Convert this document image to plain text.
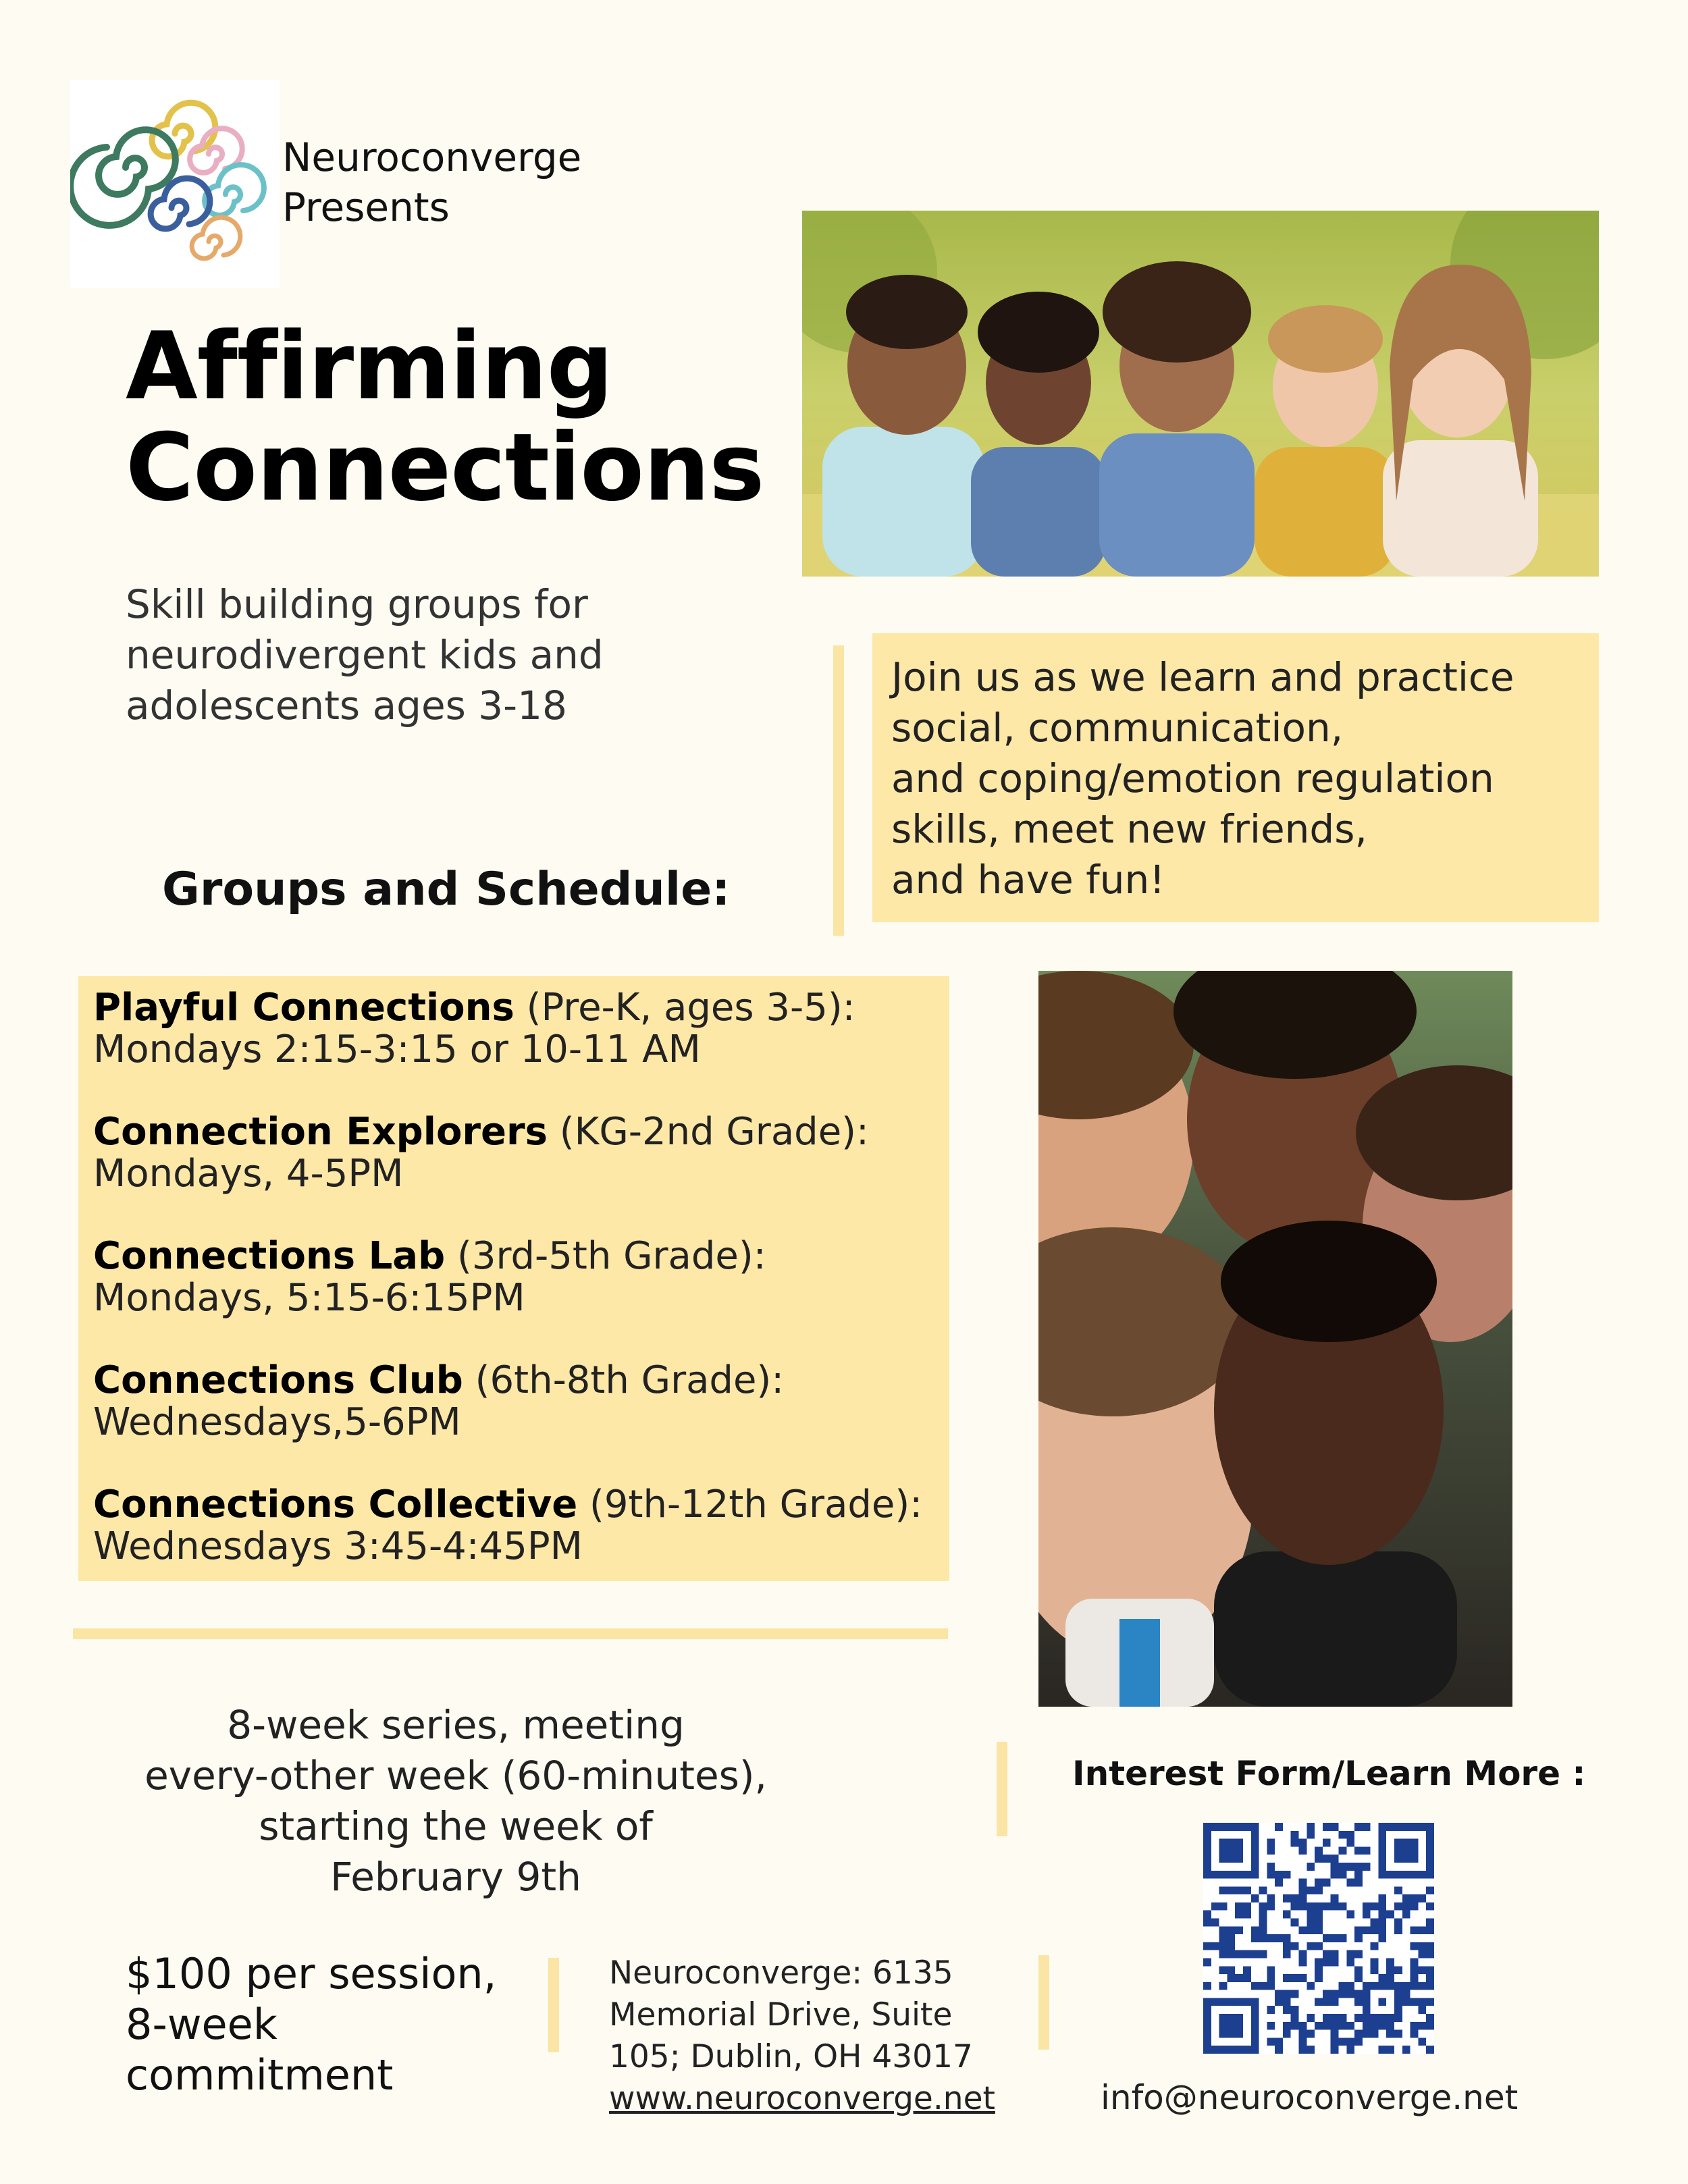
Neuroconverge
Presents
Affirming
Connections
Skill building groups for
neurodivergent kids and
adolescents ages 3-18
Join us as we learn and practice
social, communication,
and coping/emotion regulation
skills, meet new friends,
and have fun!
Groups and Schedule:
Playful Connections (Pre-K, ages 3-5):
Mondays 2:15-3:15 or 10-11 AM
Connection Explorers (KG-2nd Grade):
Mondays, 4-5PM
Connections Lab (3rd-5th Grade):
Mondays, 5:15-6:15PM
Connections Club (6th-8th Grade):
Wednesdays,5-6PM
Connections Collective (9th-12th Grade):
Wednesdays 3:45-4:45PM
8-week series, meeting
every-other week (60-minutes),
starting the week of
February 9th
$100 per session,
8-week
commitment
Neuroconverge: 6135
Memorial Drive, Suite
105; Dublin, OH 43017
www.neuroconverge.net
Interest Form/Learn More :
info@neuroconverge.net
